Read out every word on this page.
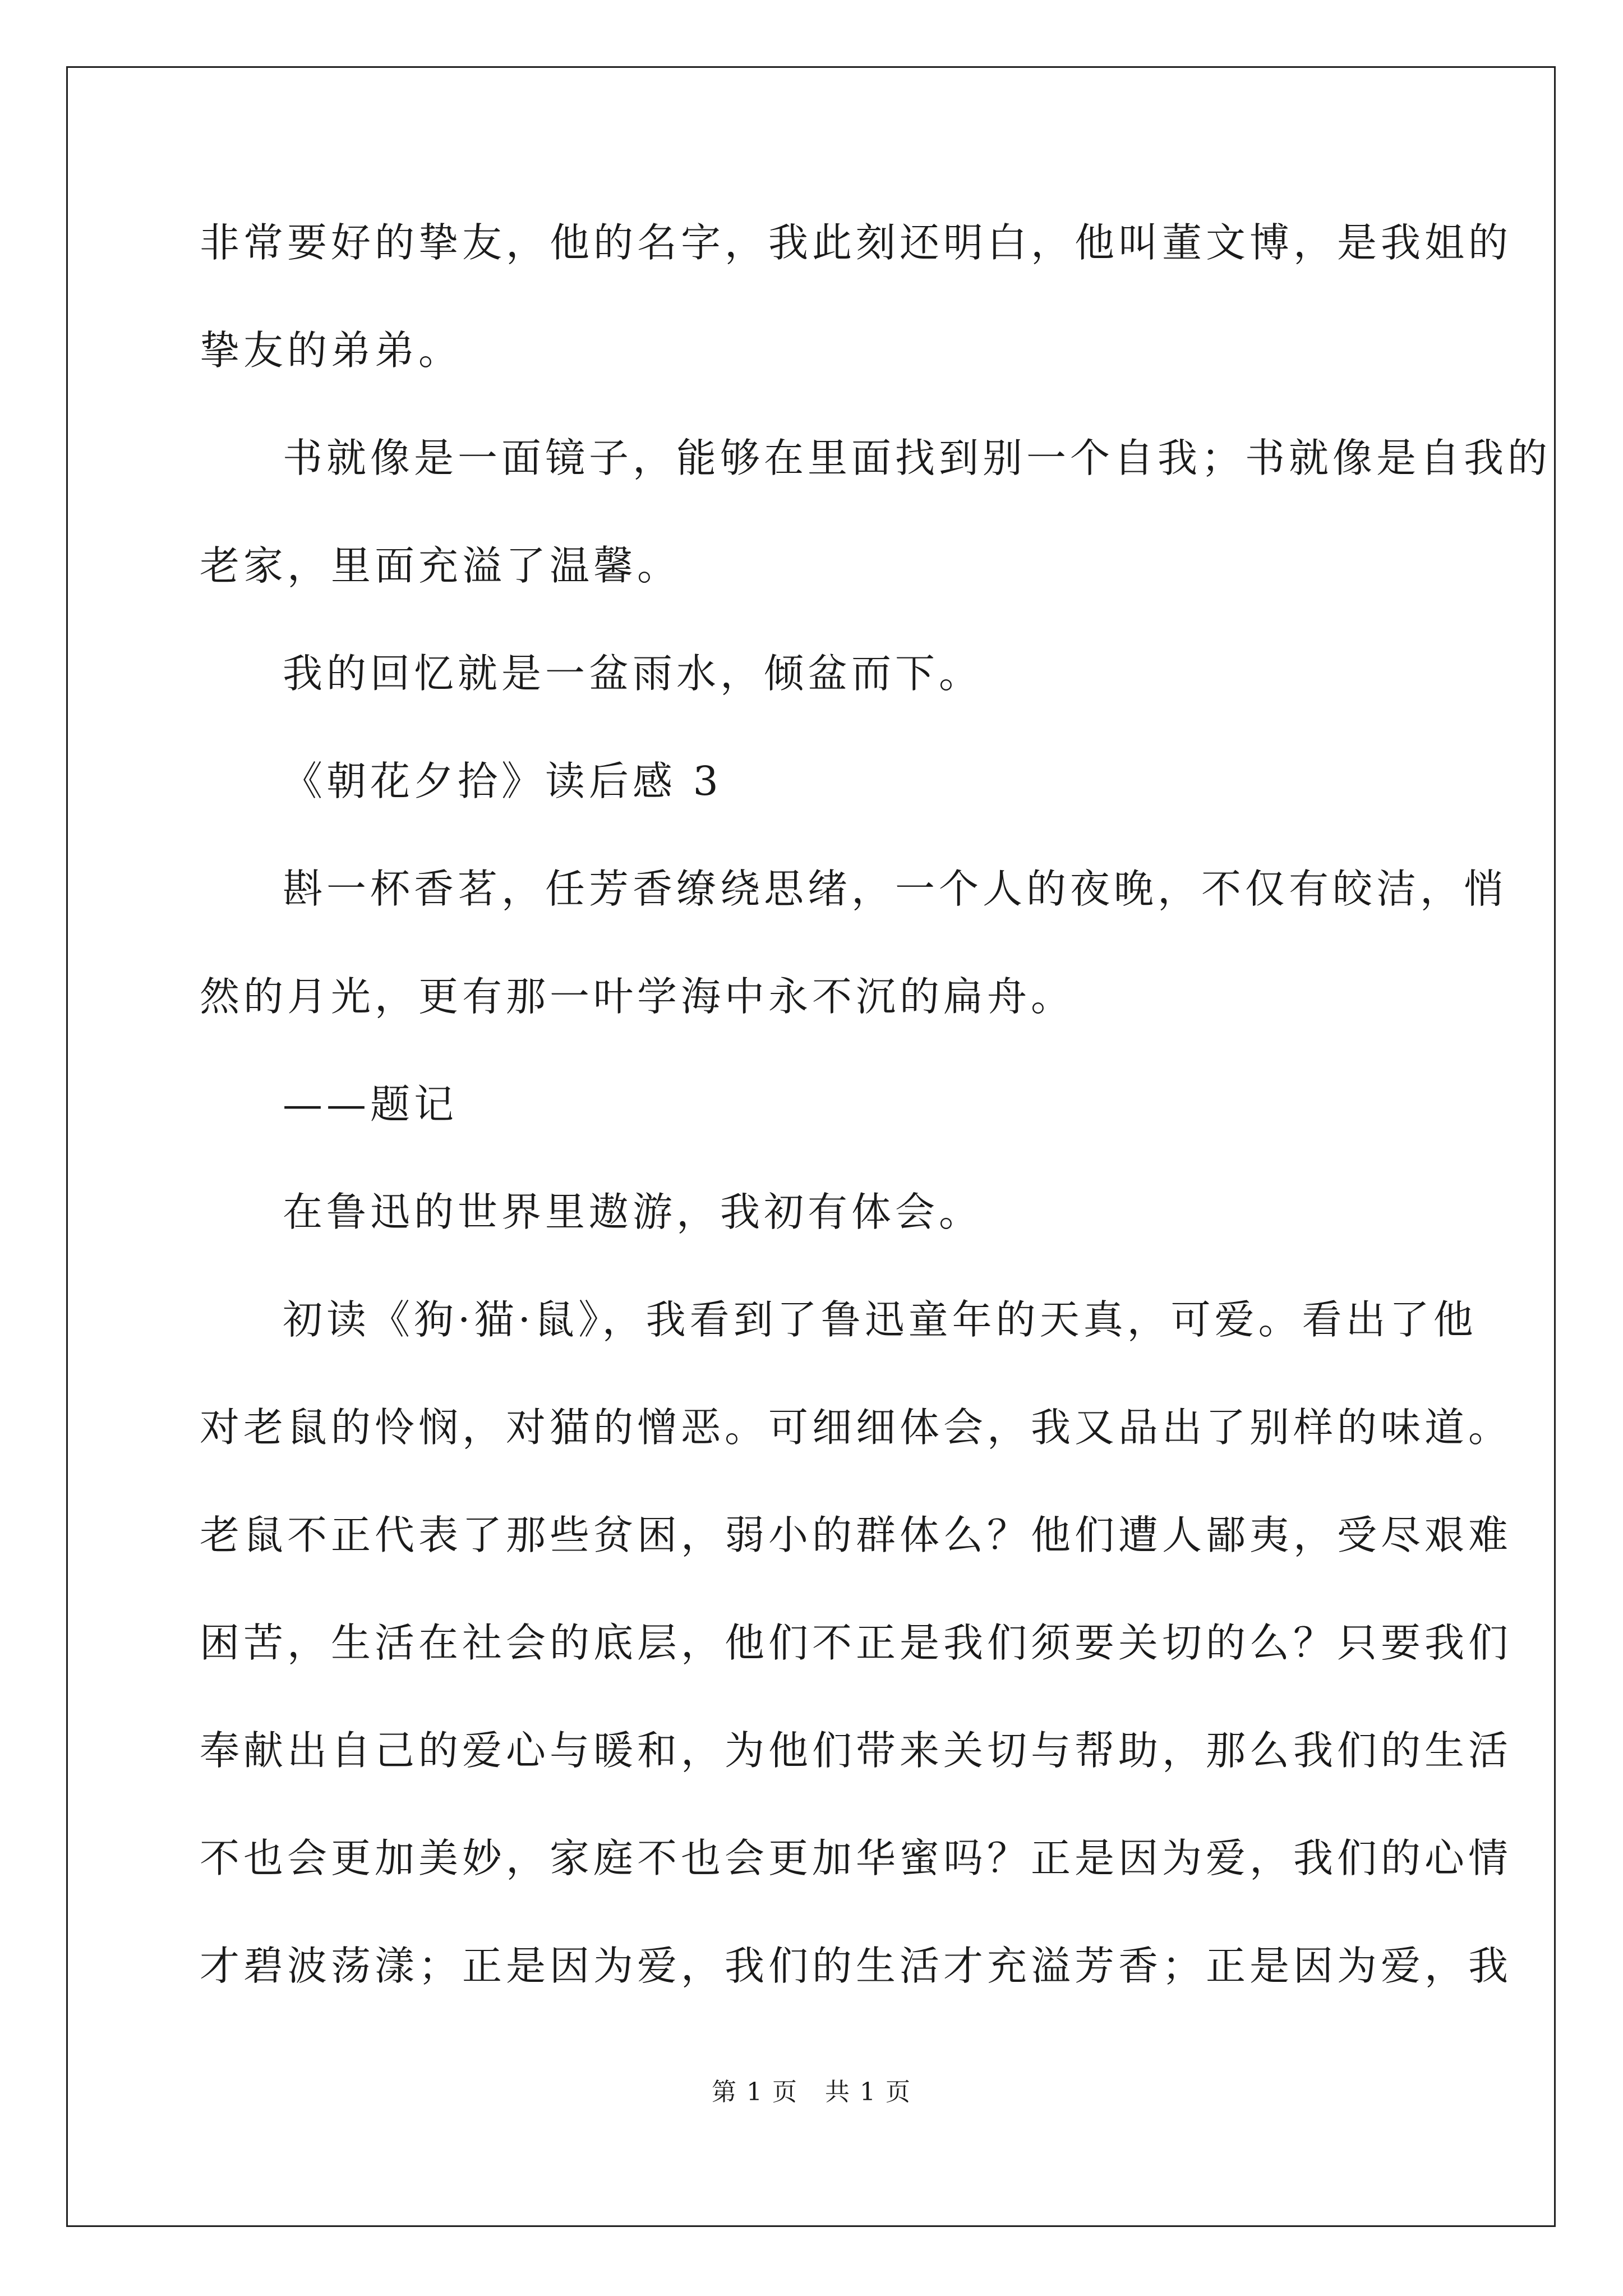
非常要好的挚友，他的名字，我此刻还明白，他叫董文博，是我姐的
挚友的弟弟。
书就像是一面镜子，能够在里面找到别一个自我；书就像是自我的
老家，里面充溢了温馨。
我的回忆就是一盆雨水，倾盆而下。
《朝花夕拾》读后感 3
斟一杯香茗，任芳香缭绕思绪，一个人的夜晚，不仅有皎洁，悄
然的月光，更有那一叶学海中永不沉的扁舟。
——题记
在鲁迅的世界里遨游，我初有体会。
初读《狗·猫·鼠》，我看到了鲁迅童年的天真，可爱。看出了他
对老鼠的怜悯，对猫的憎恶。可细细体会，我又品出了别样的味道。
老鼠不正代表了那些贫困，弱小的群体么？他们遭人鄙夷，受尽艰难
困苦，生活在社会的底层，他们不正是我们须要关切的么？只要我们
奉献出自己的爱心与暖和，为他们带来关切与帮助，那么我们的生活
不也会更加美妙，家庭不也会更加华蜜吗？正是因为爱，我们的心情
才碧波荡漾；正是因为爱，我们的生活才充溢芳香；正是因为爱，我
第 1 页 共 1 页
